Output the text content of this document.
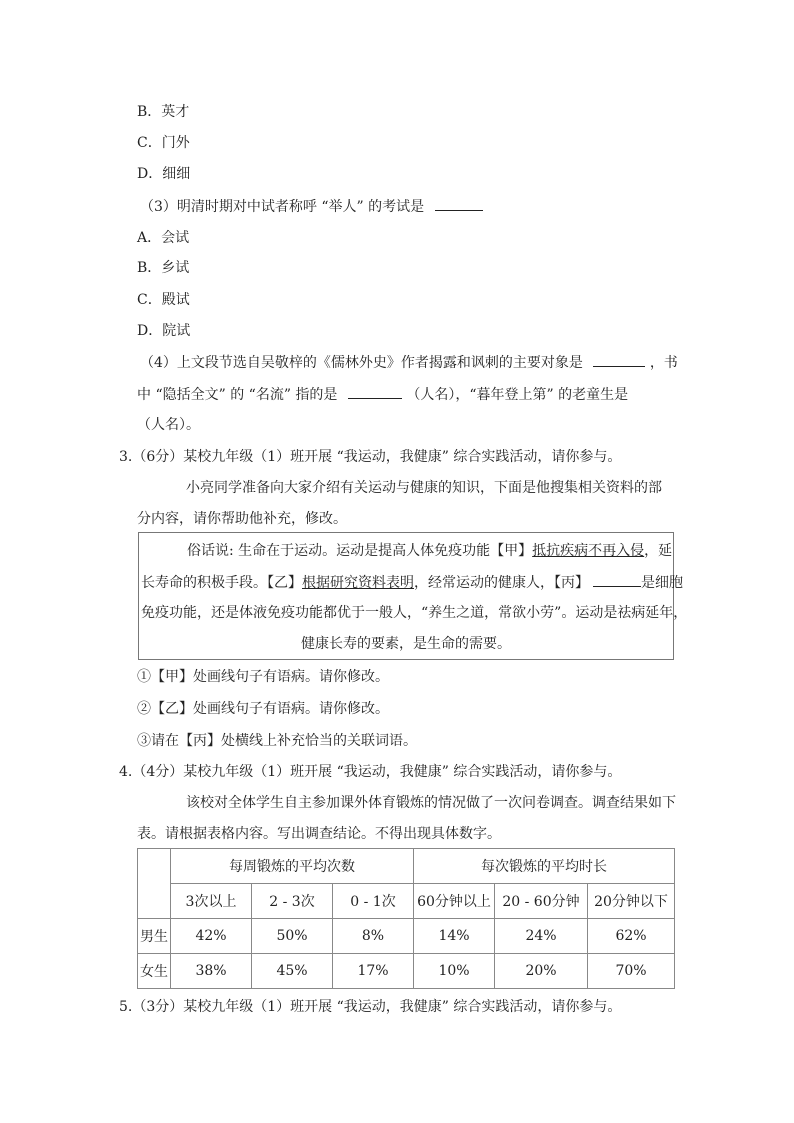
B．英才
C．门外
D．细细
（3）明清时期对中试者称呼 “举人” 的考试是
A．会试
B．乡试
C．殿试
D．院试
（4）上文段节选自吴敬梓的《儒林外史》作者揭露和讽刺的主要对象是	，书
中 “隐括全文” 的 “名流” 指的是	（人名），“暮年登上第” 的老童生是
（人名）。
3.（6分）某校九年级（1）班开展 “我运动，我健康” 综合实践活动，请你参与。
小亮同学准备向大家介绍有关运动与健康的知识，下面是他搜集相关资料的部
分内容，请你帮助他补充，修改。
俗话说: 生命在于运动。运动是提高人体免疫功能【甲】抵抗疾病不再入侵，延
长寿命的积极手段。【乙】根据研究资料表明，经常运动的健康人，【丙】	是细胞
免疫功能，还是体液免疫功能都优于一般人，“养生之道，常欲小劳”。运动是祛病延年，
健康长寿的要素，是生命的需要。
①【甲】处画线句子有语病。请你修改。
②【乙】处画线句子有语病。请你修改。
③请在【丙】处横线上补充恰当的关联词语。
4.（4分）某校九年级（1）班开展 “我运动，我健康” 综合实践活动，请你参与。
该校对全体学生自主参加课外体育锻炼的情况做了一次问卷调查。调查结果如下
表。请根据表格内容。写出调查结论。不得出现具体数字。
	每周锻炼的平均次数			每次锻炼的平均时长		
	3次以上	2 - 3次	0 - 1次	60分钟以上	20 - 60分钟	20分钟以下
男生	42%	50%	8%	14%	24%	62%
女生	38%	45%	17%	10%	20%	70%
5.（3分）某校九年级（1）班开展 “我运动，我健康” 综合实践活动，请你参与。
